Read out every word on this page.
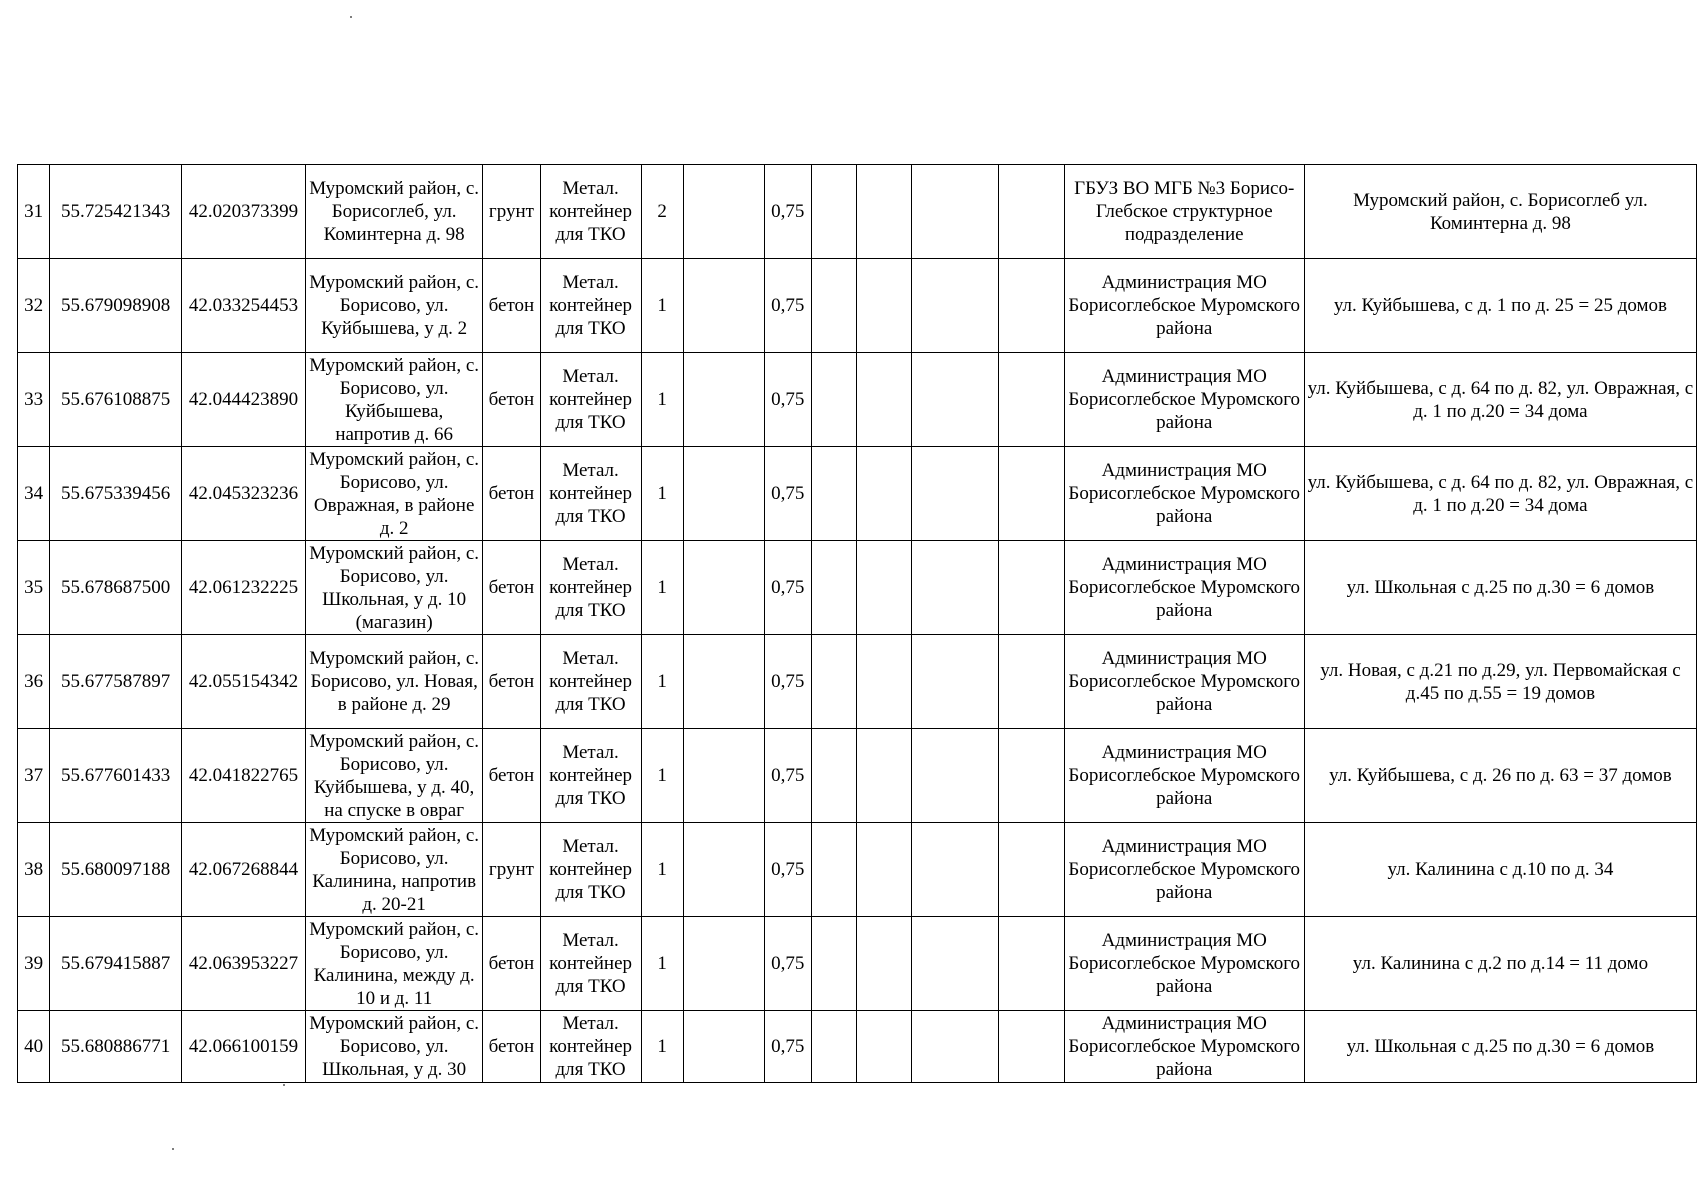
31	55.725421343	42.020373399	Муромский район, с. Борисоглеб, ул. Коминтерна д. 98	грунт	Метал. контейнер для ТКО	2		0,75					ГБУЗ ВО МГБ №3 Борисо-Глебское структурное подразделение	Муромский район, с. Борисоглеб ул. Коминтерна д. 98
32	55.679098908	42.033254453	Муромский район, с. Борисово, ул. Куйбышева, у д. 2	бетон	Метал. контейнер для ТКО	1		0,75					Администрация МО Борисоглебское Муромского района	ул. Куйбышева, с д. 1 по д. 25 = 25 домов
33	55.676108875	42.044423890	Муромский район, с. Борисово, ул. Куйбышева, напротив д. 66	бетон	Метал. контейнер для ТКО	1		0,75					Администрация МО Борисоглебское Муромского района	ул. Куйбышева, с д. 64 по д. 82, ул. Овражная, с д. 1 по д.20 = 34 дома
34	55.675339456	42.045323236	Муромский район, с. Борисово, ул. Овражная, в районе д. 2	бетон	Метал. контейнер для ТКО	1		0,75					Администрация МО Борисоглебское Муромского района	ул. Куйбышева, с д. 64 по д. 82, ул. Овражная, с д. 1 по д.20 = 34 дома
35	55.678687500	42.061232225	Муромский район, с. Борисово, ул. Школьная, у д. 10 (магазин)	бетон	Метал. контейнер для ТКО	1		0,75					Администрация МО Борисоглебское Муромского района	ул. Школьная с д.25 по д.30 = 6 домов
36	55.677587897	42.055154342	Муромский район, с. Борисово, ул. Новая, в районе д. 29	бетон	Метал. контейнер для ТКО	1		0,75					Администрация МО Борисоглебское Муромского района	ул. Новая, с д.21 по д.29, ул. Первомайская с д.45 по д.55 = 19 домов
37	55.677601433	42.041822765	Муромский район, с. Борисово, ул. Куйбышева, у д. 40, на спуске в овраг	бетон	Метал. контейнер для ТКО	1		0,75					Администрация МО Борисоглебское Муромского района	ул. Куйбышева, с д. 26 по д. 63 = 37 домов
38	55.680097188	42.067268844	Муромский район, с. Борисово, ул. Калинина, напротив д. 20-21	грунт	Метал. контейнер для ТКО	1		0,75					Администрация МО Борисоглебское Муромского района	ул. Калинина с д.10 по д. 34
39	55.679415887	42.063953227	Муромский район, с. Борисово, ул. Калинина, между д. 10 и д. 11	бетон	Метал. контейнер для ТКО	1		0,75					Администрация МО Борисоглебское Муромского района	ул. Калинина с д.2 по д.14 = 11 домо
40	55.680886771	42.066100159	Муромский район, с. Борисово, ул. Школьная, у д. 30	бетон	Метал. контейнер для ТКО	1		0,75					Администрация МО Борисоглебское Муромского района	ул. Школьная с д.25 по д.30 = 6 домов
